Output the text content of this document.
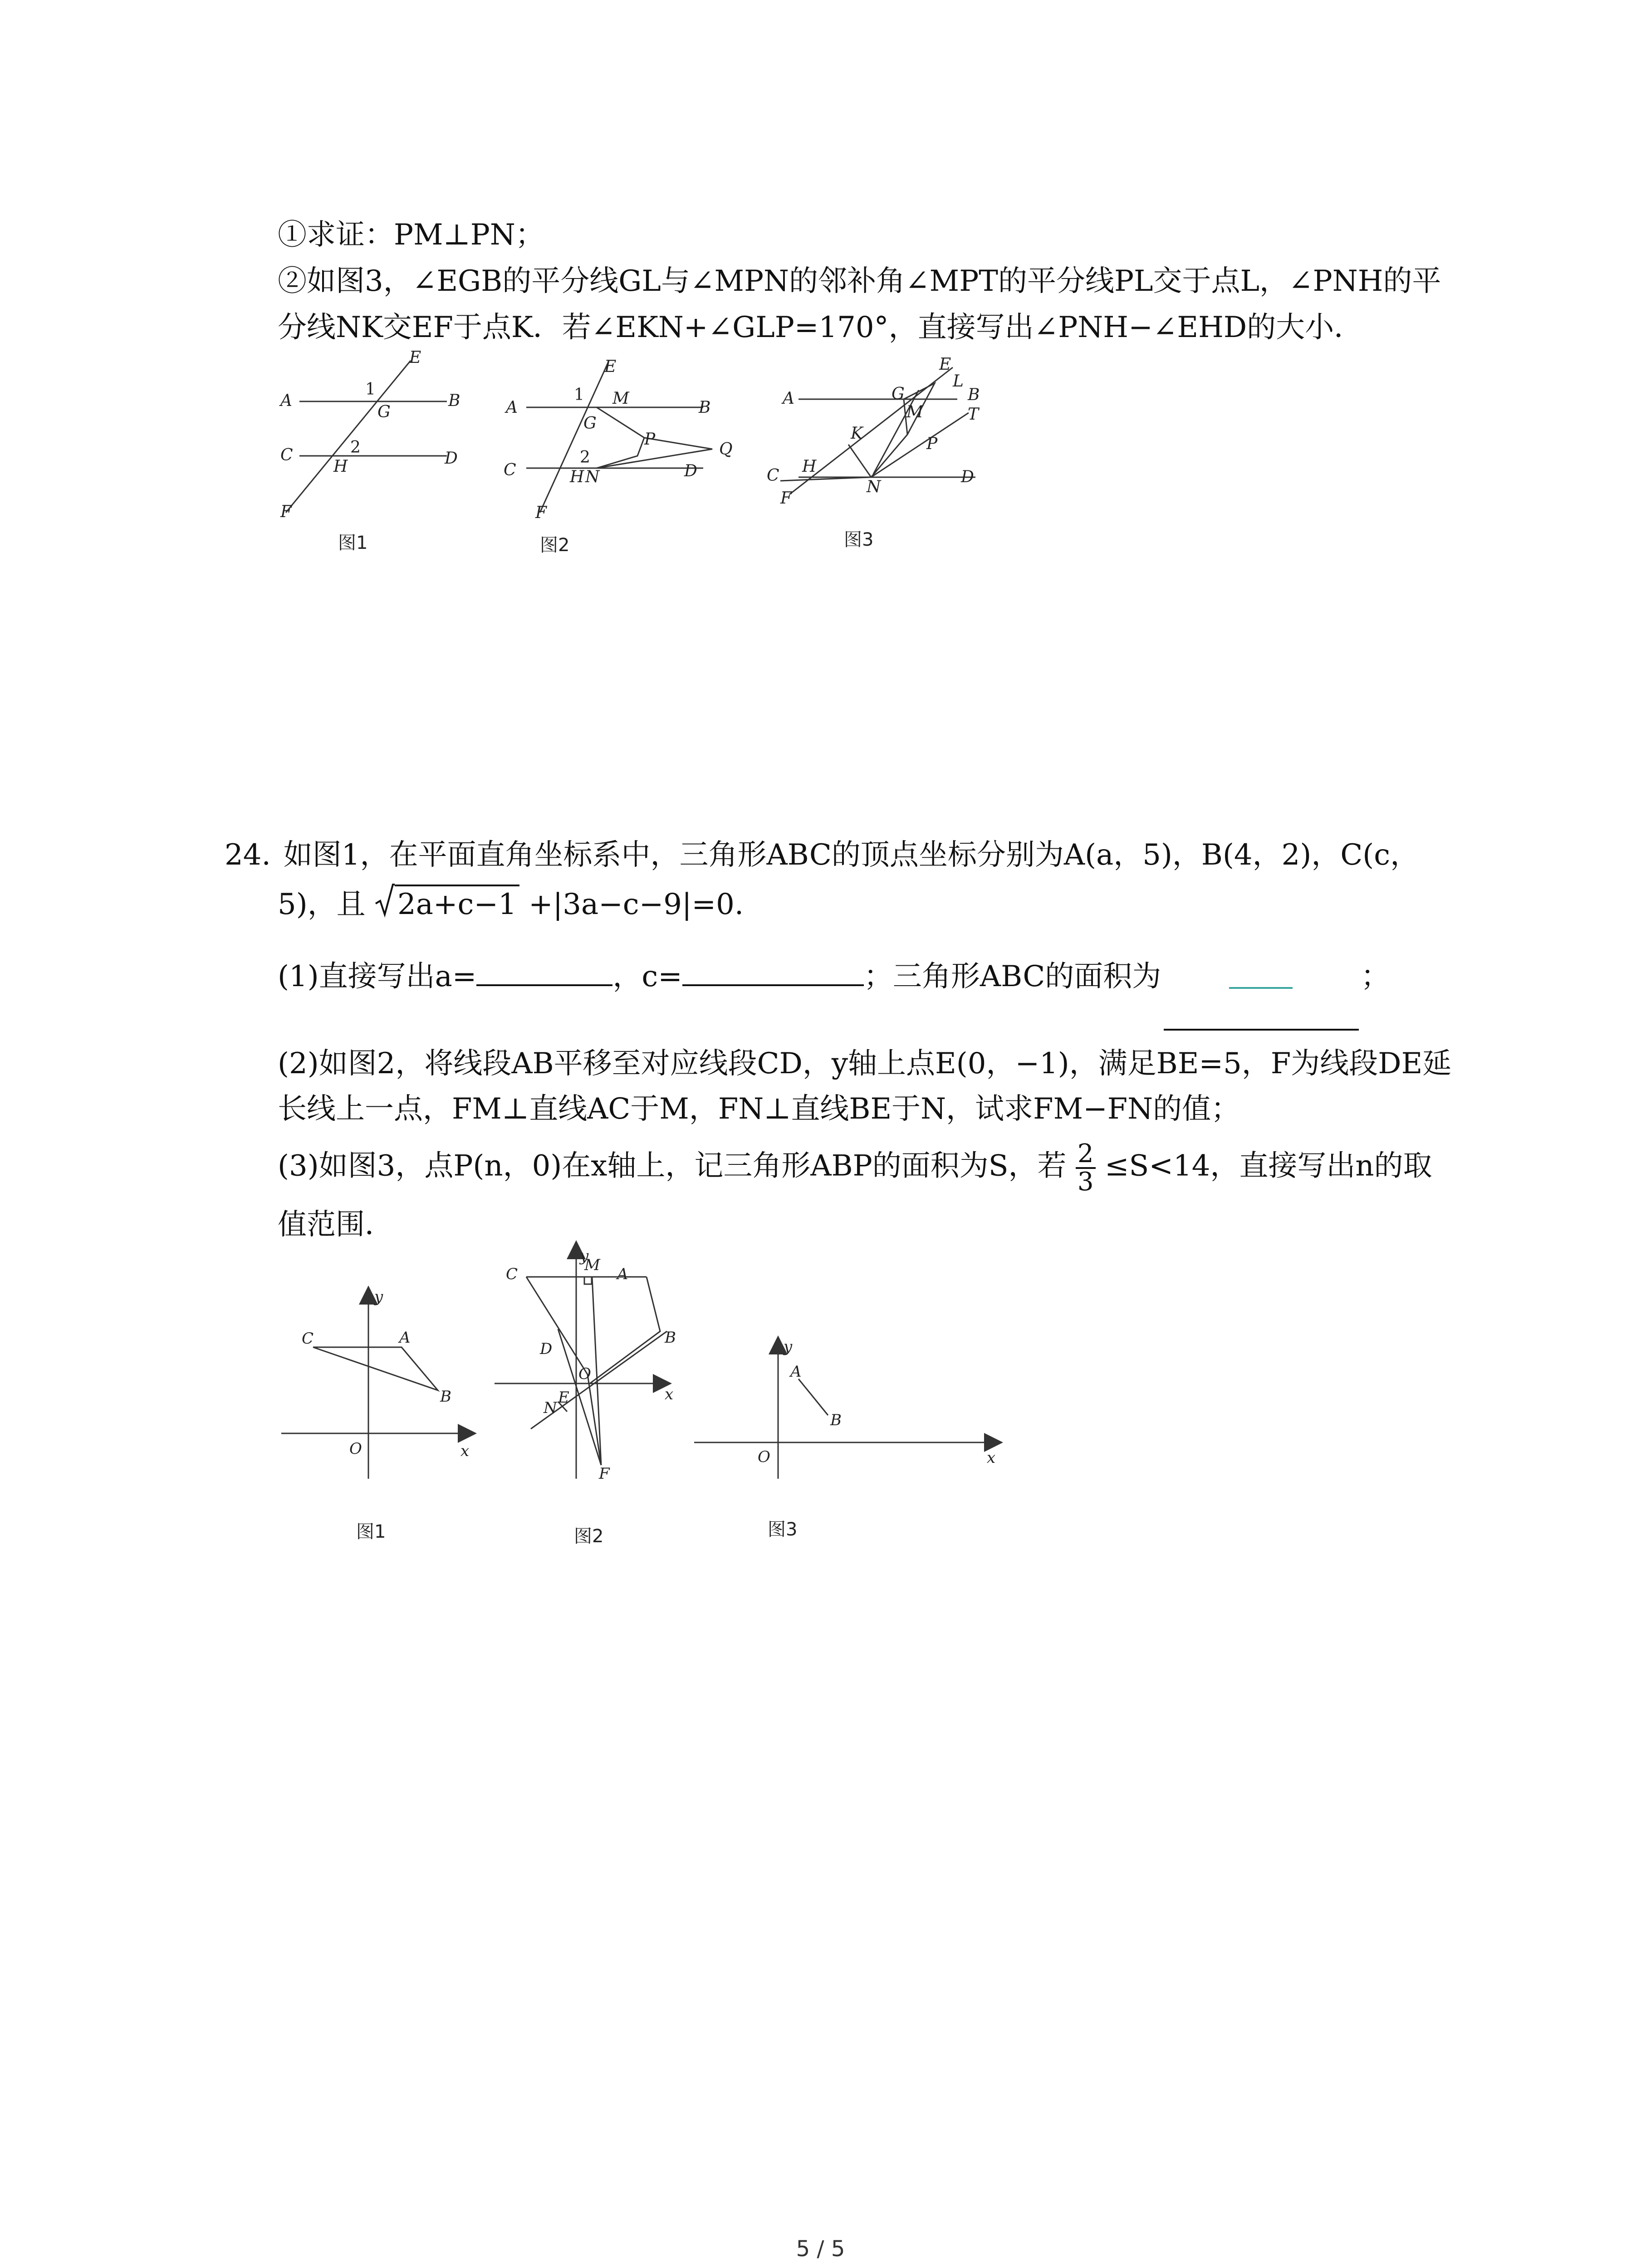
①求证：PM⊥PN；
②如图3，∠EGB的平分线GL与∠MPN的邻补角∠MPT的平分线PL交于点L，∠PNH的平
分线NK交EF于点K．若∠EKN+∠GLP=170°，直接写出∠PNH−∠EHD的大小．
A	B
C	D
E
F
G
H
1
2
图1
A	B
C	D
E
F
G
H
M
N
P
Q
1
2
图2
A	B
C	D
E
F
G
H
K
L
M
N
P
T
图3
24. 如图1，在平面直角坐标系中，三角形ABC的顶点坐标分别为A(a，5)，B(4，2)，C(c，
5)，且 2a+c−1 +|3a−c−9|=0.
(1)直接写出a=	，c=	；三角形ABC的面积为	；
(2)如图2，将线段AB平移至对应线段CD，y轴上点E(0，−1)，满足BE=5，F为线段DE延
长线上一点，FM⊥直线AC于M，FN⊥直线BE于N，试求FM−FN的值；
(3)如图3，点P(n，0)在x轴上，记三角形ABP的面积为S，若 $\frac{2}{3} \le S<14$，直接写出n的取
值范围．
y
x
O
A
B
C
图1
y
x
O
A
B
C
D
E
F
M
N
图2
y
x
O
A
B
图3
5 / 5
